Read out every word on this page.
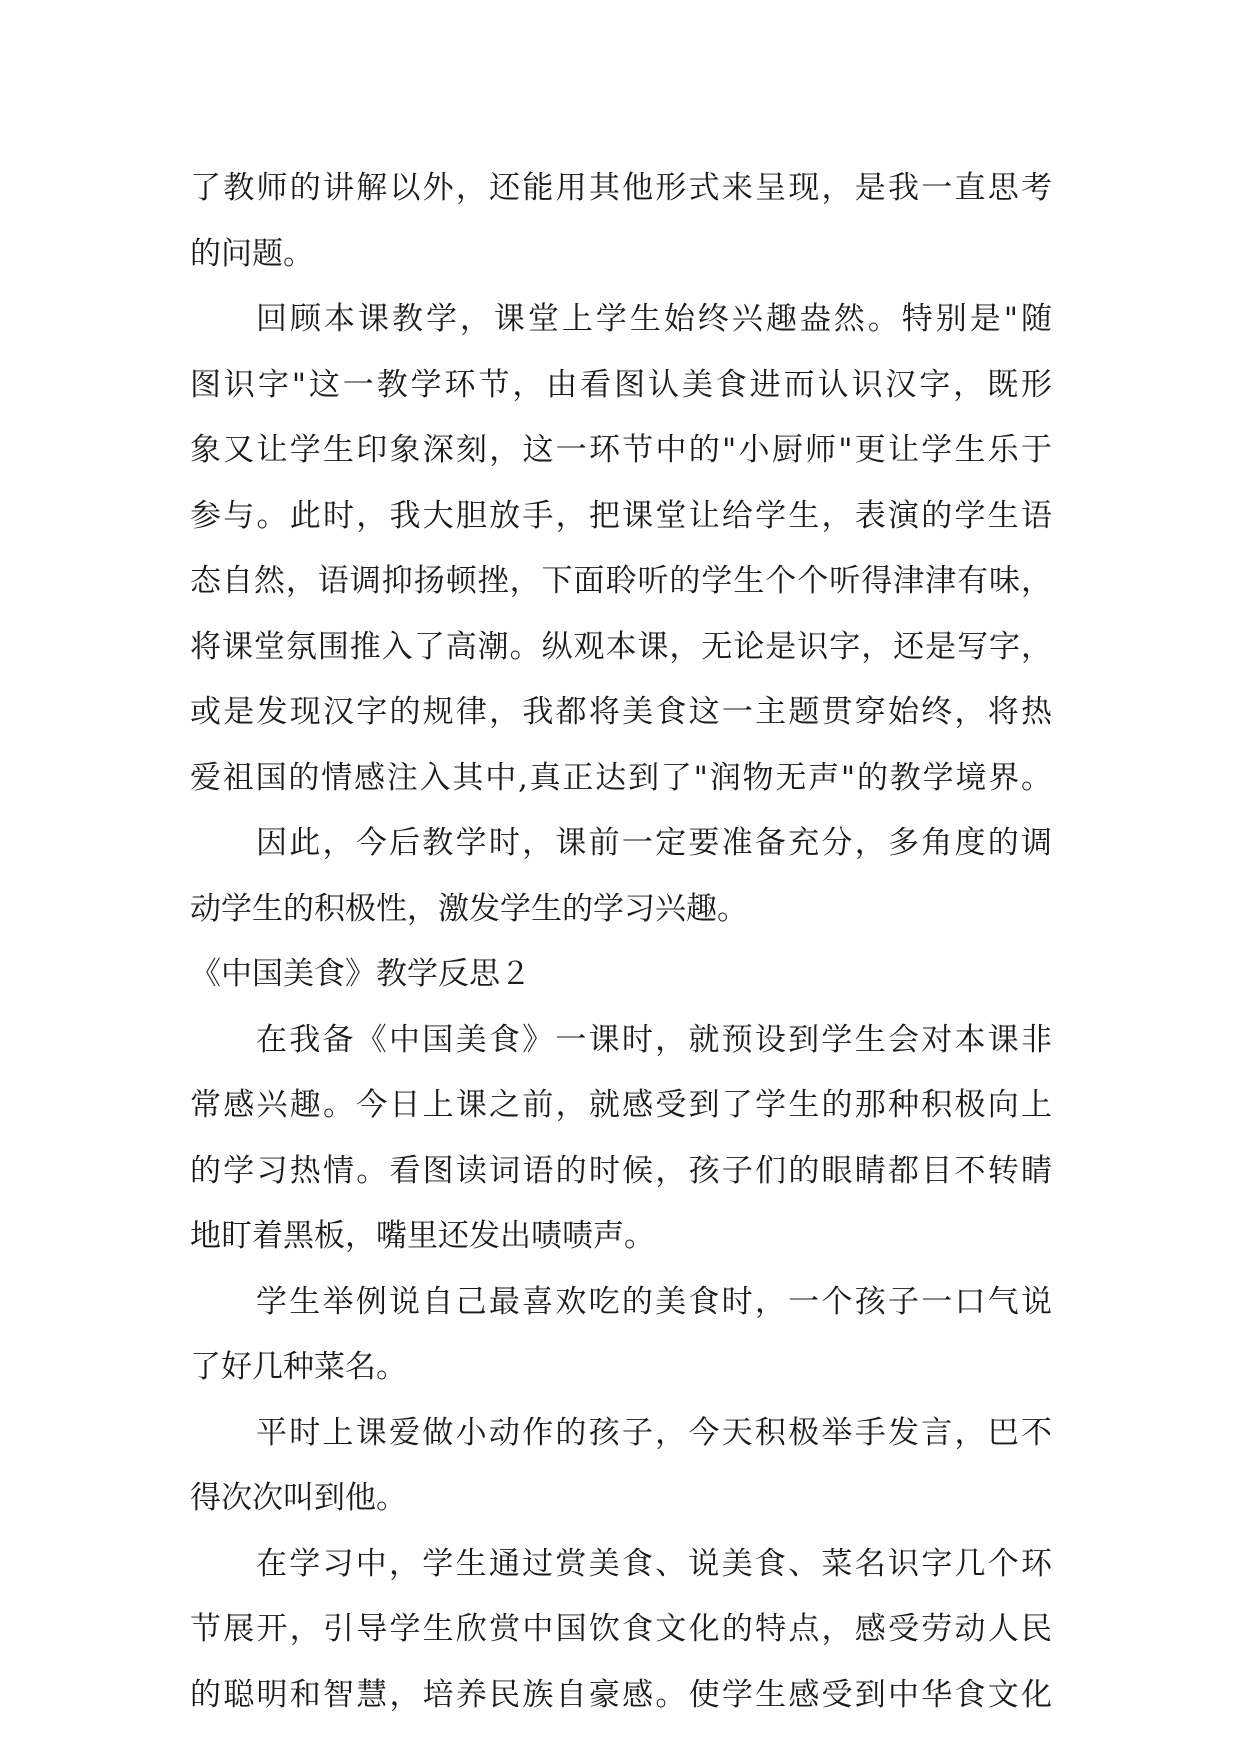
了教师的讲解以外，还能用其他形式来呈现，是我一直思考
的问题。
回顾本课教学，课堂上学生始终兴趣盎然。特别是"随
图识字"这一教学环节，由看图认美食进而认识汉字，既形
象又让学生印象深刻，这一环节中的"小厨师"更让学生乐于
参与。此时，我大胆放手，把课堂让给学生，表演的学生语
态自然，语调抑扬顿挫，下面聆听的学生个个听得津津有味，
将课堂氛围推入了高潮。纵观本课，无论是识字，还是写字，
或是发现汉字的规律，我都将美食这一主题贯穿始终，将热
爱祖国的情感注入其中,真正达到了"润物无声"的教学境界。
因此，今后教学时，课前一定要准备充分，多角度的调
动学生的积极性，激发学生的学习兴趣。
《中国美食》教学反思２
在我备《中国美食》一课时，就预设到学生会对本课非
常感兴趣。今日上课之前，就感受到了学生的那种积极向上
的学习热情。看图读词语的时候，孩子们的眼睛都目不转睛
地盯着黑板，嘴里还发出啧啧声。
学生举例说自己最喜欢吃的美食时，一个孩子一口气说
了好几种菜名。
平时上课爱做小动作的孩子，今天积极举手发言，巴不
得次次叫到他。
在学习中，学生通过赏美食、说美食、菜名识字几个环
节展开，引导学生欣赏中国饮食文化的特点，感受劳动人民
的聪明和智慧，培养民族自豪感。使学生感受到中华食文化
